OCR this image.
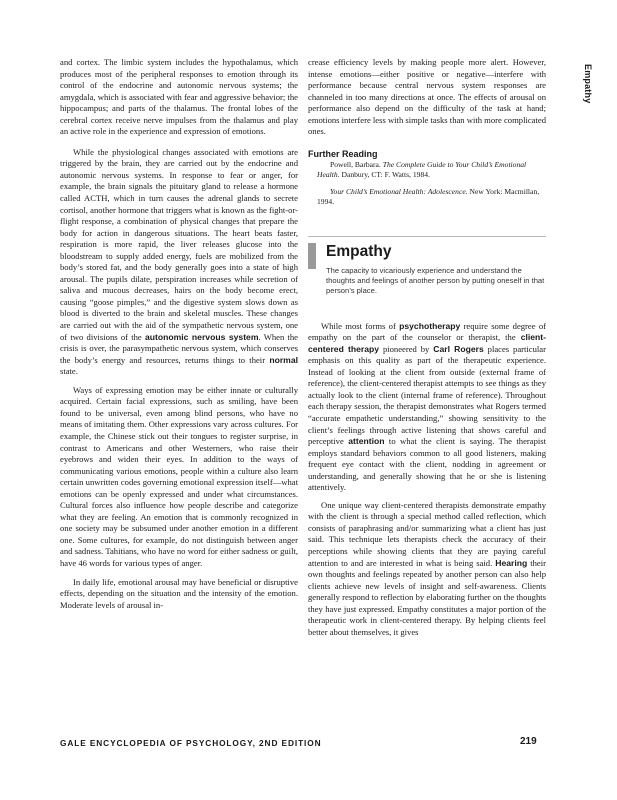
and cortex. The limbic system includes the hypothalamus, which produces most of the peripheral responses to emotion through its control of the endocrine and autonomic nervous systems; the amygdala, which is associated with fear and aggressive behavior; the hippocampus; and parts of the thalamus. The frontal lobes of the cerebral cortex receive nerve impulses from the thalamus and play an active role in the experience and expression of emotions.

While the physiological changes associated with emotions are triggered by the brain, they are carried out by the endocrine and autonomic nervous systems. In response to fear or anger, for example, the brain signals the pituitary gland to release a hormone called ACTH, which in turn causes the adrenal glands to secrete cortisol, another hormone that triggers what is known as the fight-or-flight response, a combination of physical changes that prepare the body for action in dangerous situations. The heart beats faster, respiration is more rapid, the liver releases glucose into the bloodstream to supply added energy, fuels are mobilized from the body’s stored fat, and the body generally goes into a state of high arousal. The pupils dilate, perspiration increases while secretion of saliva and mucous decreases, hairs on the body become erect, causing “goose pimples,” and the digestive system slows down as blood is diverted to the brain and skeletal muscles. These changes are carried out with the aid of the sympathetic nervous system, one of two divisions of the autonomic nervous system. When the crisis is over, the parasympathetic nervous system, which conserves the body’s energy and resources, returns things to their normal state.

Ways of expressing emotion may be either innate or culturally acquired. Certain facial expressions, such as smiling, have been found to be universal, even among blind persons, who have no means of imitating them. Other expressions vary across cultures. For example, the Chinese stick out their tongues to register surprise, in contrast to Americans and other Westerners, who raise their eyebrows and widen their eyes. In addition to the ways of communicating various emotions, people within a culture also learn certain unwritten codes governing emotional expression itself—what emotions can be openly expressed and under what circumstances. Cultural forces also influence how people describe and categorize what they are feeling. An emotion that is commonly recognized in one society may be subsumed under another emotion in a different one. Some cultures, for example, do not distinguish between anger and sadness. Tahitians, who have no word for either sadness or guilt, have 46 words for various types of anger.

In daily life, emotional arousal may have beneficial or disruptive effects, depending on the situation and the intensity of the emotion. Moderate levels of arousal in-

crease efficiency levels by making people more alert. However, intense emotions—either positive or negative—interfere with performance because central nervous system responses are channeled in too many directions at once. The effects of arousal on performance also depend on the difficulty of the task at hand; emotions interfere less with simple tasks than with more complicated ones.

Further Reading

Powell, Barbara. The Complete Guide to Your Child’s Emotional Health. Danbury, CT: F. Watts, 1984.

Your Child’s Emotional Health: Adolescence. New York: Macmillan, 1994.

Empathy
The capacity to vicariously experience and understand the thoughts and feelings of another person by putting oneself in that person’s place.

While most forms of psychotherapy require some degree of empathy on the part of the counselor or therapist, the client-centered therapy pioneered by Carl Rogers places particular emphasis on this quality as part of the therapeutic experience. Instead of looking at the client from outside (external frame of reference), the client-centered therapist attempts to see things as they actually look to the client (internal frame of reference). Throughout each therapy session, the therapist demonstrates what Rogers termed “accurate empathetic understanding,” showing sensitivity to the client’s feelings through active listening that shows careful and perceptive attention to what the client is saying. The therapist employs standard behaviors common to all good listeners, making frequent eye contact with the client, nodding in agreement or understanding, and generally showing that he or she is listening attentively.

One unique way client-centered therapists demonstrate empathy with the client is through a special method called reflection, which consists of paraphrasing and/or summarizing what a client has just said. This technique lets therapists check the accuracy of their perceptions while showing clients that they are paying careful attention to and are interested in what is being said. Hearing their own thoughts and feelings repeated by another person can also help clients achieve new levels of insight and self-awareness. Clients generally respond to reflection by elaborating further on the thoughts they have just expressed. Empathy constitutes a major portion of the therapeutic work in client-centered therapy. By helping clients feel better about themselves, it gives

Empathy
GALE ENCYCLOPEDIA OF PSYCHOLOGY, 2ND EDITION	219
